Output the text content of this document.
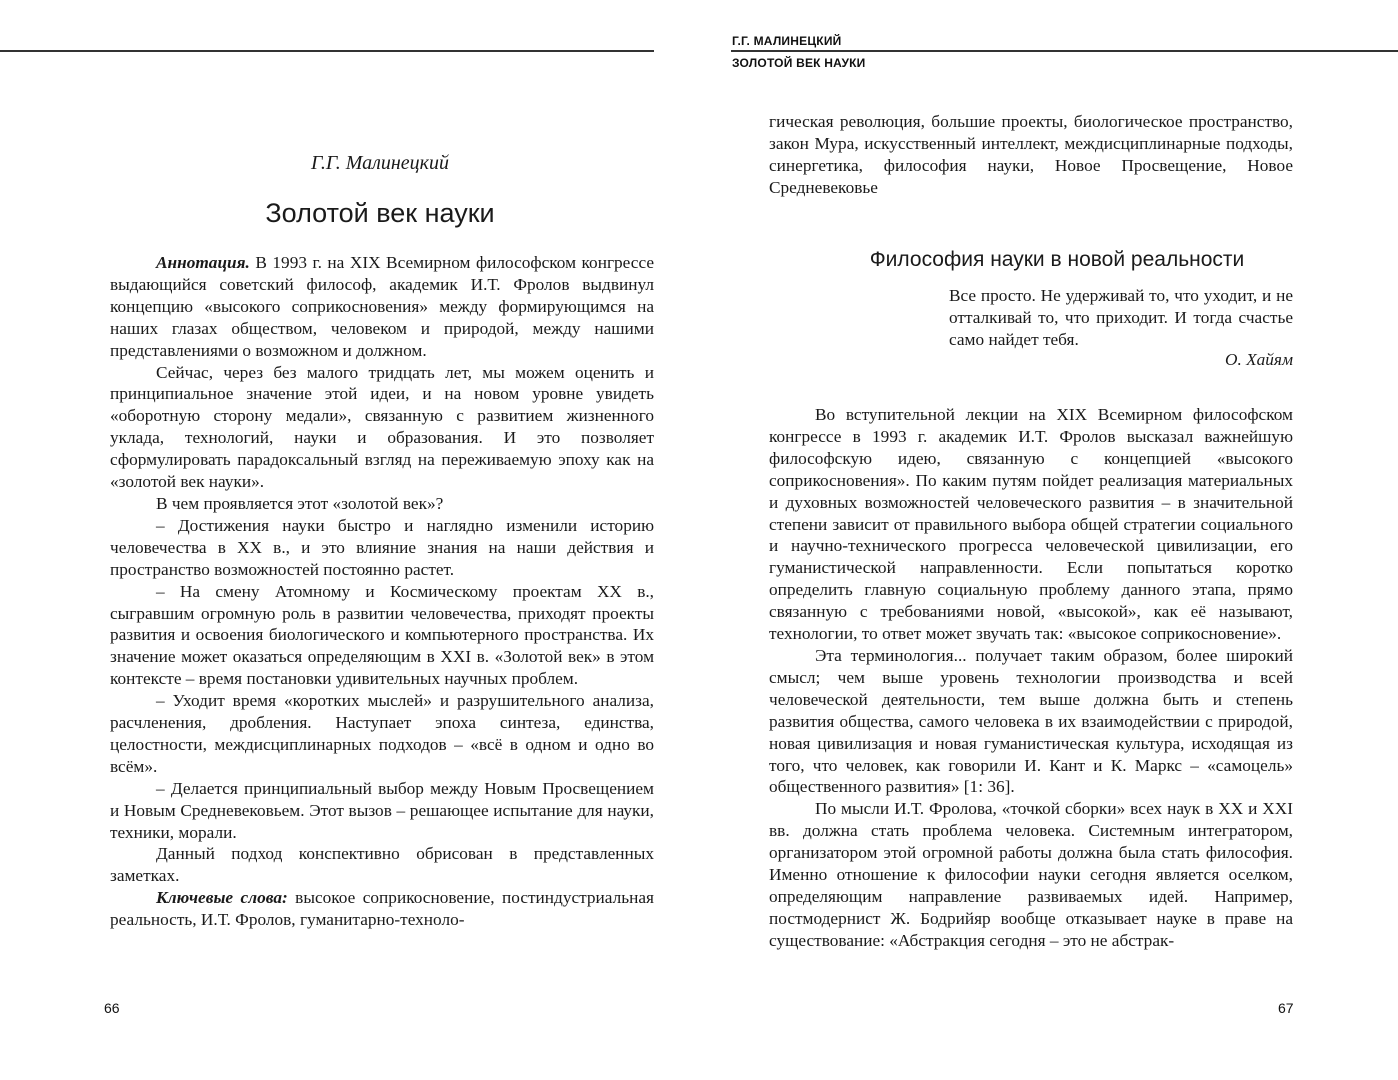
Г.Г. Малинецкий
Золотой век науки

Аннотация. В 1993 г. на XIX Всемирном философском конгрессе выдающийся советский философ, академик И.Т. Фролов выдвинул концепцию «высокого соприкосновения» между формирующимся на наших глазах обществом, человеком и природой, между нашими представлениями о возможном и должном.

Сейчас, через без малого тридцать лет, мы можем оценить и принципиальное значение этой идеи, и на новом уровне увидеть «оборотную сторону медали», связанную с развитием жизненного уклада, технологий, науки и образования. И это позволяет сформулировать парадоксальный взгляд на переживаемую эпоху как на «золотой век науки».

В чем проявляется этот «золотой век»?

– Достижения науки быстро и наглядно изменили историю человечества в XX в., и это влияние знания на наши действия и пространство возможностей постоянно растет.

– На смену Атомному и Космическому проектам XX в., сыгравшим огромную роль в развитии человечества, приходят проекты развития и освоения биологического и компьютерного пространства. Их значение может оказаться определяющим в XXI в. «Золотой век» в этом контексте – время постановки удивительных научных проблем.

– Уходит время «коротких мыслей» и разрушительного анализа, расчленения, дробления. Наступает эпоха синтеза, единства, целостности, междисциплинарных подходов – «всё в одном и одно во всём».

– Делается принципиальный выбор между Новым Просвещением и Новым Средневековьем. Этот вызов – решающее испытание для науки, техники, морали.

Данный подход конспективно обрисован в представленных заметках.

Ключевые слова: высокое соприкосновение, постиндустриальная реальность, И.Т. Фролов, гуманитарно-техноло-

66
Г.Г. МАЛИНЕЦКИЙ
ЗОЛОТОЙ ВЕК НАУКИ

гическая революция, большие проекты, биологическое пространство, закон Мура, искусственный интеллект, междисциплинарные подходы, синергетика, философия науки, Новое Просвещение, Новое Средневековье

Философия науки в новой реальности
Все просто. Не удерживай то, что уходит, и не отталкивай то, что приходит. И тогда счастье само найдет тебя.
О. Хайям

Во вступительной лекции на XIX Всемирном философском конгрессе в 1993 г. академик И.Т. Фролов высказал важнейшую философскую идею, связанную с концепцией «высокого соприкосновения». По каким путям пойдет реализация материальных и духовных возможностей человеческого развития – в значительной степени зависит от правильного выбора общей стратегии социального и научно-технического прогресса человеческой цивилизации, его гуманистической направленности. Если попытаться коротко определить главную социальную проблему данного этапа, прямо связанную с требованиями новой, «высокой», как её называют, технологии, то ответ может звучать так: «высокое соприкосновение».

Эта терминология... получает таким образом, более широкий смысл; чем выше уровень технологии производства и всей человеческой деятельности, тем выше должна быть и степень развития общества, самого человека в их взаимодействии с природой, новая цивилизация и новая гуманистическая культура, исходящая из того, что человек, как говорили И. Кант и К. Маркс – «самоцель» общественного развития» [1: 36].

По мысли И.Т. Фролова, «точкой сборки» всех наук в XX и XXI вв. должна стать проблема человека. Системным интегратором, организатором этой огромной работы должна была стать философия. Именно отношение к философии науки сегодня является оселком, определяющим направление развиваемых идей. Например, постмодернист Ж. Бодрийяр вообще отказывает науке в праве на существование: «Абстракция сегодня – это не абстрак-

67
